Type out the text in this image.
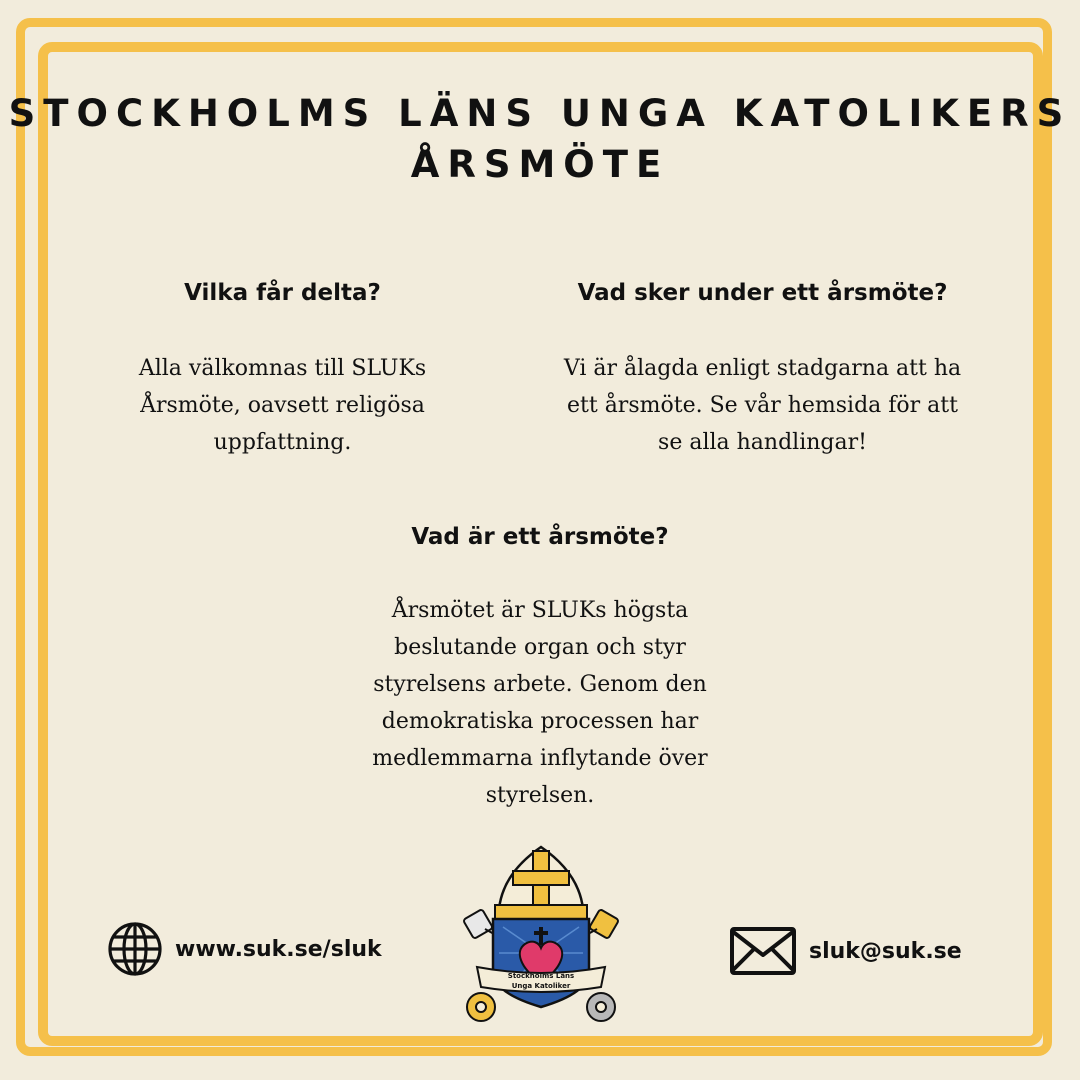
STOCKHOLMS LÄNS UNGA KATOLIKERS
ÅRSMÖTE
Vilka får delta?
Alla välkomnas till SLUKs
Årsmöte, oavsett religösa
uppfattning.
Vad sker under ett årsmöte?
Vi är ålagda enligt stadgarna att ha
ett årsmöte. Se vår hemsida för att
se alla handlingar!
Vad är ett årsmöte?
Årsmötet är SLUKs högsta
beslutande organ och styr
styrelsens arbete. Genom den
demokratiska processen har
medlemmarna inflytande över
styrelsen.
www.suk.se/sluk	sluk@suk.se
Stockholms Läns
Unga Katoliker
